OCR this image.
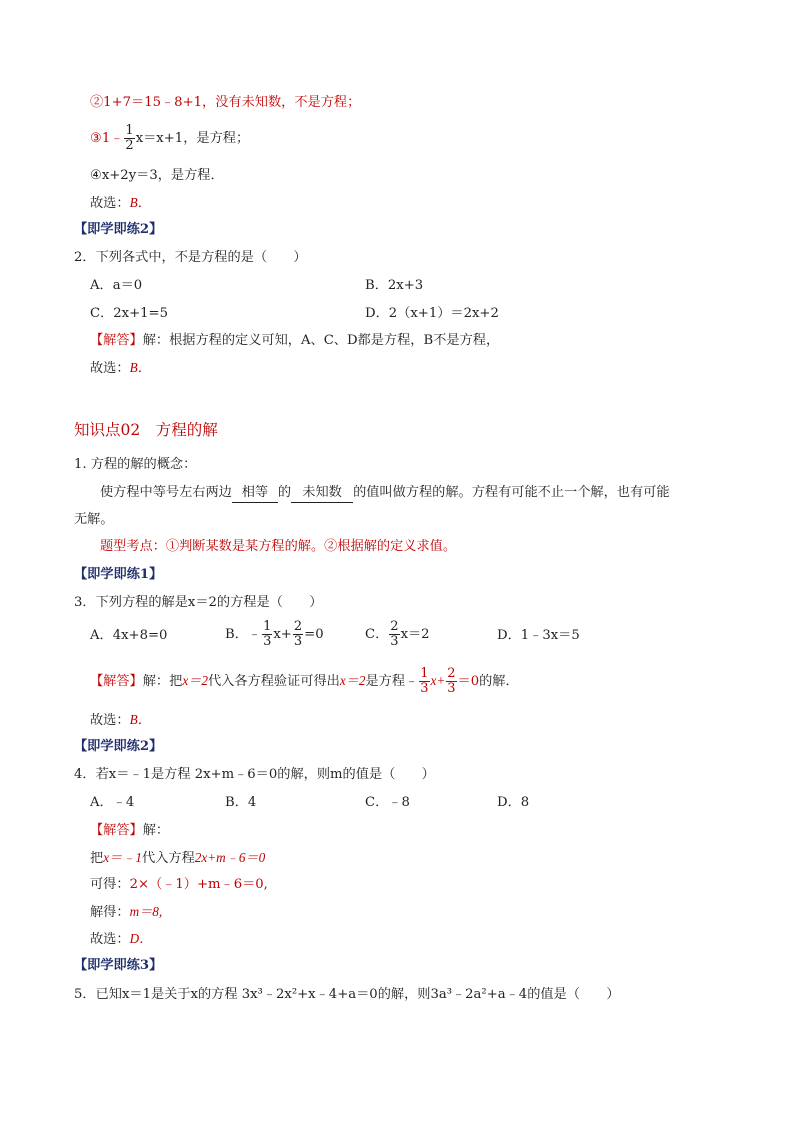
②1+7＝15﹣8+1，没有未知数，不是方程；
③1﹣ $\frac{1}{2} x=x+1$，是方程；
④x+2y＝3，是方程．
故选：B．
【即学即练2】
2．下列各式中，不是方程的是（　　）
A．a＝0	B．2x+3
C．2x+1=5	D．2（x+1）＝2x+2
【解答】解：根据方程的定义可知，A、C、D都是方程，B不是方程，
故选：B．
知识点02　方程的解
1. 方程的解的概念：
使方程中等号左右两边 相等 的 未知数 的值叫做方程的解。方程有可能不止一个解，也有可能
无解。
题型考点：①判断某数是某方程的解。②根据解的定义求值。
【即学即练1】
3．下列方程的解是x＝2的方程是（　　）
A．4x+8=0	B．﹣ $\frac{1}{3} x+ \frac{2}{3} =0$	C． $\frac{2}{3} x=2$	D．1﹣3x＝5
【解答】解：把x＝2代入各方程验证可得出x＝2是方程﹣ $\frac{1}{3} x+ \frac{2}{3} =0$的解．
故选：B．
【即学即练2】
4．若x＝﹣1是方程 2x+m﹣6＝0的解，则m的值是（　　）
A．﹣4	B．4	C．﹣8	D．8
【解答】解：
把x＝﹣1代入方程2x+m﹣6＝0
可得：2×（﹣1）+m﹣6＝0,
解得：m＝8,
故选：D．
【即学即练3】
5．已知x＝1是关于x的方程 3x³﹣2x²+x﹣4+a＝0的解，则3a³﹣2a²+a﹣4的值是（　　）
